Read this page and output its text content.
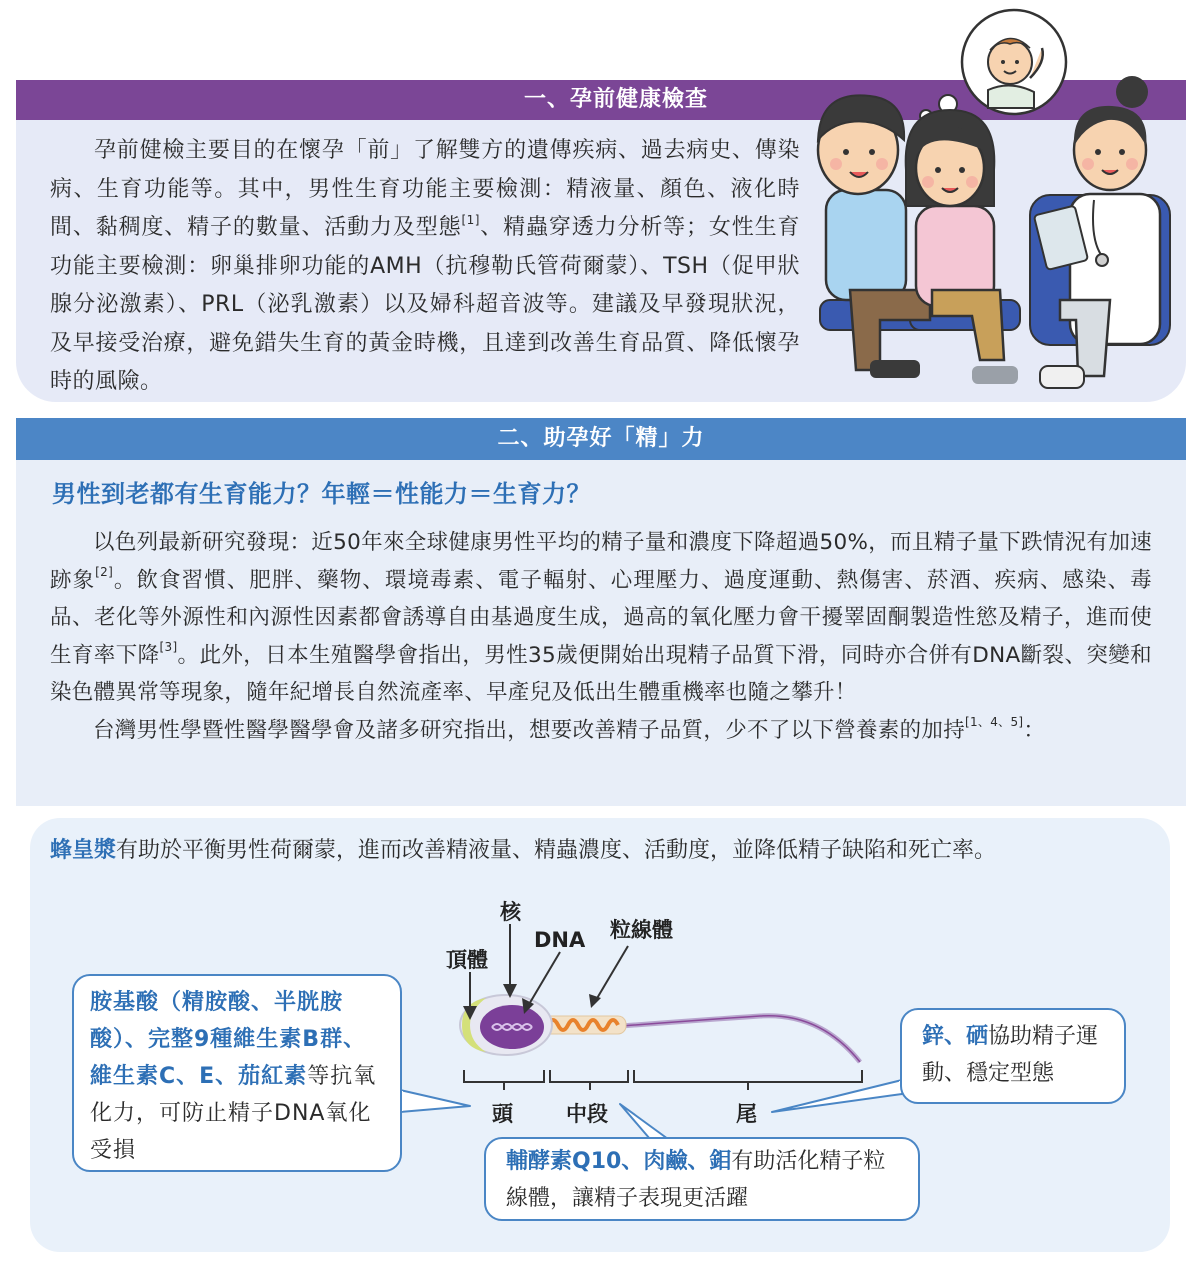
一、孕前健康檢查
孕前健檢主要目的在懷孕「前」了解雙方的遺傳疾病、過去病史、傳染病、生育功能等。其中，男性生育功能主要檢測：精液量、顏色、液化時間、黏稠度、精子的數量、活動力及型態[1]、精蟲穿透力分析等；女性生育功能主要檢測：卵巢排卵功能的AMH（抗穆勒氏管荷爾蒙）、TSH（促甲狀腺分泌激素）、PRL（泌乳激素）以及婦科超音波等。建議及早發現狀況，及早接受治療，避免錯失生育的黃金時機，且達到改善生育品質、降低懷孕時的風險。
二、助孕好「精」力
男性到老都有生育能力？年輕＝性能力＝生育力？
以色列最新研究發現：近50年來全球健康男性平均的精子量和濃度下降超過50%，而且精子量下跌情況有加速跡象[2]。飲食習慣、肥胖、藥物、環境毒素、電子輻射、心理壓力、過度運動、熱傷害、菸酒、疾病、感染、毒品、老化等外源性和內源性因素都會誘導自由基過度生成，過高的氧化壓力會干擾睪固酮製造性慾及精子，進而使生育率下降[3]。此外，日本生殖醫學會指出，男性35歲便開始出現精子品質下滑，同時亦合併有DNA斷裂、突變和染色體異常等現象，隨年紀增長自然流產率、早產兒及低出生體重機率也隨之攀升！
台灣男性學暨性醫學醫學會及諸多研究指出，想要改善精子品質，少不了以下營養素的加持[1、4、5]：
蜂皇漿有助於平衡男性荷爾蒙，進而改善精液量、精蟲濃度、活動度，並降低精子缺陷和死亡率。
核
DNA 粒線體
頂體
頭	中段	尾
胺基酸（精胺酸、半胱胺酸）、完整9種維生素B群、維生素C、E、茄紅素等抗氧化力，可防止精子DNA氧化受損	輔酵素Q10、肉鹼、鉬有助活化精子粒線體，讓精子表現更活躍
鋅、硒協助精子運動、穩定型態
